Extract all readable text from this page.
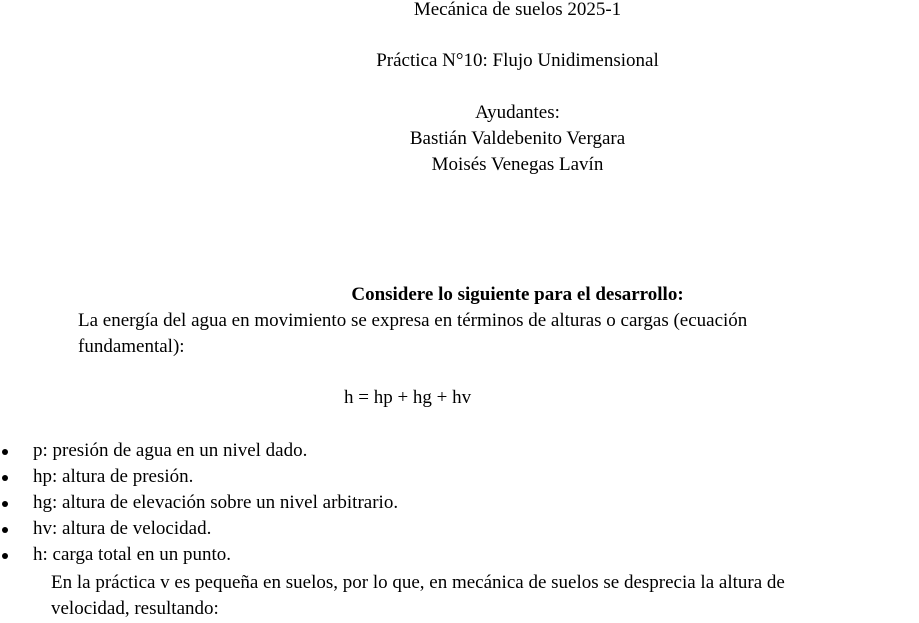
Mecánica de suelos 2025-1
Práctica N°10: Flujo Unidimensional
Ayudantes:
Bastián Valdebenito Vergara
Moisés Venegas Lavín
Considere lo siguiente para el desarrollo:
La energía del agua en movimiento se expresa en términos de alturas o cargas (ecuación
fundamental):
h = hp + hg + hv
p: presión de agua en un nivel dado.
hp: altura de presión.
hg: altura de elevación sobre un nivel arbitrario.
hv: altura de velocidad.
h: carga total en un punto.
En la práctica v es pequeña en suelos, por lo que, en mecánica de suelos se desprecia la altura de
velocidad, resultando:
